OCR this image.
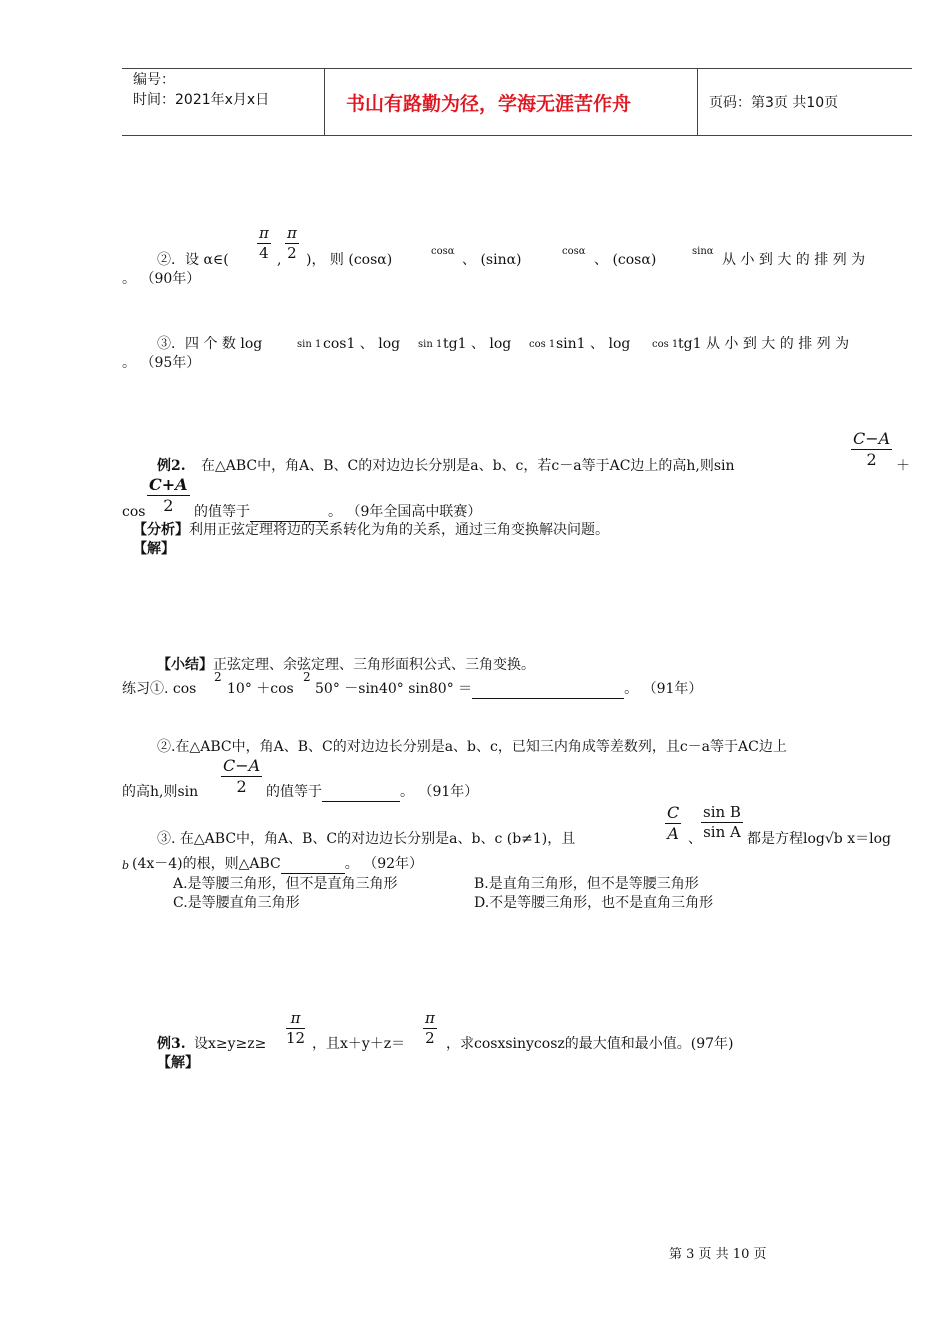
编号：
时间：2021年x月x日	书山有路勤为径，学海无涯苦作舟	页码：第3页 共10页
②．设 α∈( $\frac{\pi}{4}$ , $\frac{\pi}{2}$ )， 则 (cosα)
cosα
、 (sinα)
cosα
、 (cosα)
sinα
从 小 到 大 的 排 列 为
。 （90年）
③．四 个 数 log	sin 1 cos1 、 log sin 1 tg1 、 log cos 1 sin1 、 log cos 1 tg1 从 小 到 大 的 排 列 为
。 （95年）
$\frac{C-A}{2}$
例2. 在△ABC中，角A、B、C的对边边长分别是a、b、c，若c－a等于AC边上的高h,则sin	＋
$\frac{C+A}{2}$
cos	的值等于	。 （9年全国高中联赛）
【分析】利用正弦定理将边的关系转化为角的关系，通过三角变换解决问题。
【解】
【小结】正弦定理、余弦定理、三角形面积公式、三角变换。
练习①. cos
2
10° ＋cos
2
50° －sin40° sin80° ＝	。 （91年）
②.在△ABC中，角A、B、C的对边边长分别是a、b、c，已知三内角成等差数列，且c－a等于AC边上
$\frac{C-A}{2}$
的高h,则sin	的值等于	。 （91年）
③. 在△ABC中，角A、B、C的对边边长分别是a、b、c (b≠1)，且	$\frac{C}{A}$ 、 $\frac{\text{sin B}}{\text{sin A}}$ 都是方程log√b x＝log
b (4x－4)的根，则△ABC	。 （92年）
A.是等腰三角形，但不是直角三角形	B.是直角三角形，但不是等腰三角形
C.是等腰直角三角形	D.不是等腰三角形，也不是直角三角形
例3. 设$x\ge y\ge z\ge \frac{\pi}{12}$ ，且$x+y+z= \frac{\pi}{2}$ ，求cosxsinycosz的最大值和最小值。(97年)
【解】
第 3 页 共 10 页
